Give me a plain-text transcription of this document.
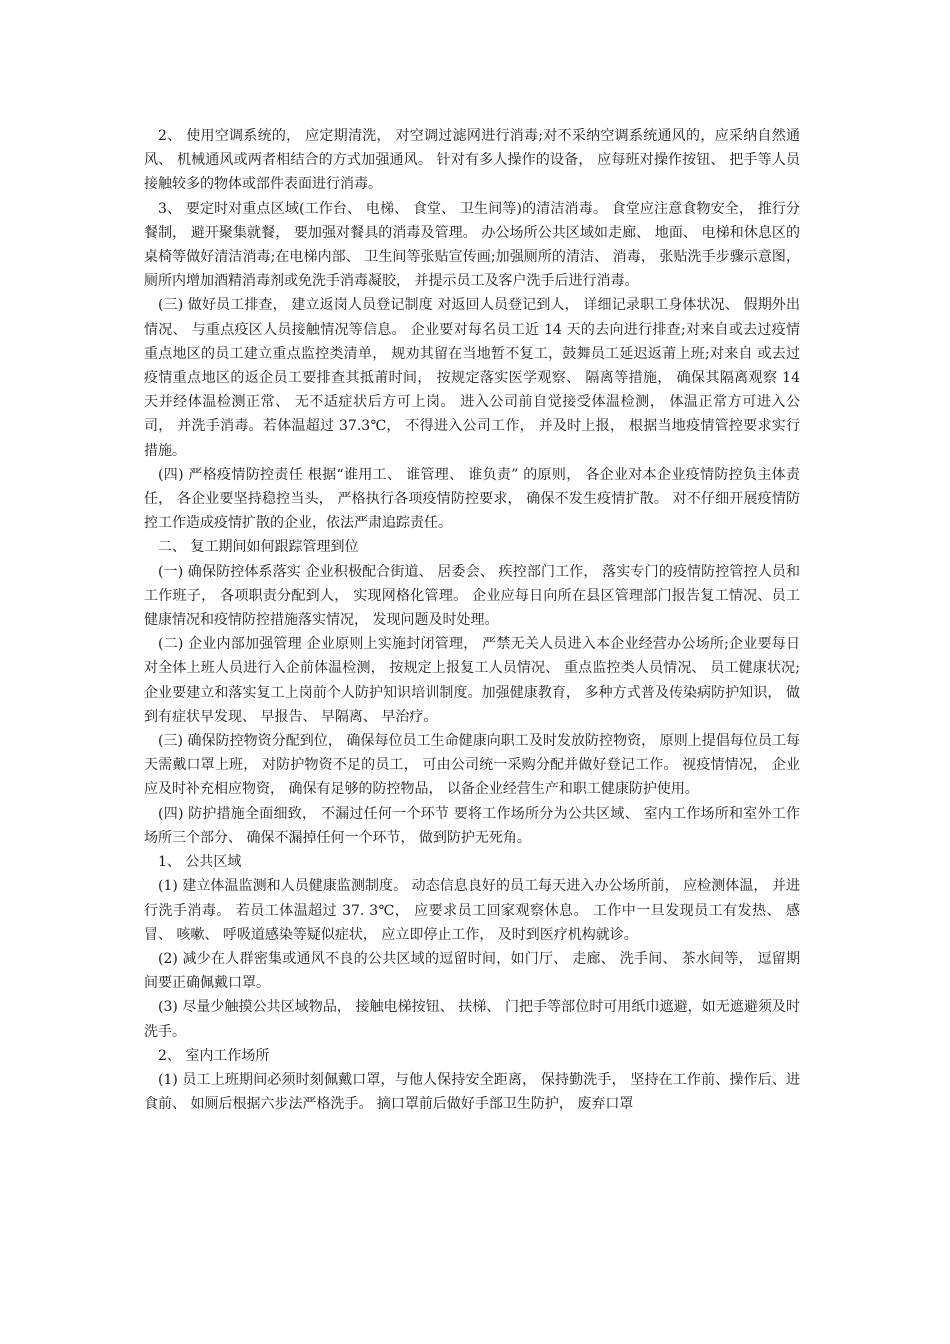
2、 使用空调系统的， 应定期清洗， 对空调过滤网进行消毒;对不采纳空调系统通风的，应采纳自然通风、 机械通风或两者相结合的方式加强通风。 针对有多人操作的设备， 应每班对操作按钮、 把手等人员接触较多的物体或部件表面进行消毒。

3、 要定时对重点区域(工作台、 电梯、 食堂、 卫生间等)的清洁消毒。 食堂应注意食物安全， 推行分餐制， 避开聚集就餐， 要加强对餐具的消毒及管理。 办公场所公共区域如走廊、 地面、 电梯和休息区的桌椅等做好清洁消毒;在电梯内部、 卫生间等张贴宣传画;加强厕所的清洁、 消毒， 张贴洗手步骤示意图， 厕所内增加酒精消毒剂或免洗手消毒凝胶， 并提示员工及客户洗手后进行消毒。

(三) 做好员工排查， 建立返岗人员登记制度 对返回人员登记到人， 详细记录职工身体状况、 假期外出情况、 与重点疫区人员接触情况等信息。 企业要对每名员工近 14 天的去向进行排查;对来自或去过疫情重点地区的员工建立重点监控类清单， 规劝其留在当地暂不复工，鼓舞员工延迟返莆上班;对来自 或去过疫情重点地区的返企员工要排查其抵莆时间， 按规定落实医学观察、 隔离等措施， 确保其隔离观察 14 天并经体温检测正常、 无不适症状后方可上岗。 进入公司前自觉接受体温检测， 体温正常方可进入公司， 并洗手消毒。若体温超过 37.3℃， 不得进入公司工作， 并及时上报， 根据当地疫情管控要求实行措施。

(四) 严格疫情防控责任 根据“谁用工、 谁管理、 谁负责” 的原则， 各企业对本企业疫情防控负主体责任， 各企业要坚持稳控当头， 严格执行各项疫情防控要求， 确保不发生疫情扩散。 对不仔细开展疫情防控工作造成疫情扩散的企业，依法严肃追踪责任。

二、 复工期间如何跟踪管理到位

(一) 确保防控体系落实 企业积极配合街道、 居委会、 疾控部门工作， 落实专门的疫情防控管控人员和工作班子， 各项职责分配到人， 实现网格化管理。 企业应每日向所在县区管理部门报告复工情况、员工健康情况和疫情防控措施落实情况， 发现问题及时处理。

(二) 企业内部加强管理 企业原则上实施封闭管理， 严禁无关人员进入本企业经营办公场所;企业要每日对全体上班人员进行入企前体温检测， 按规定上报复工人员情况、 重点监控类人员情况、 员工健康状况;企业要建立和落实复工上岗前个人防护知识培训制度。加强健康教育， 多种方式普及传染病防护知识， 做到有症状早发现、 早报告、 早隔离、 早治疗。

(三) 确保防控物资分配到位， 确保每位员工生命健康向职工及时发放防控物资， 原则上提倡每位员工每天需戴口罩上班， 对防护物资不足的员工， 可由公司统一采购分配并做好登记工作。 视疫情情况， 企业应及时补充相应物资， 确保有足够的防控物品， 以备企业经营生产和职工健康防护使用。

(四) 防护措施全面细致， 不漏过任何一个环节 要将工作场所分为公共区域、 室内工作场所和室外工作场所三个部分、 确保不漏掉任何一个环节， 做到防护无死角。

1、 公共区域

(1) 建立体温监测和人员健康监测制度。 动态信息良好的员工每天进入办公场所前， 应检测体温， 并进行洗手消毒。 若员工体温超过 37. 3℃， 应要求员工回家观察休息。 工作中一旦发现员工有发热、 感冒、 咳嗽、 呼吸道感染等疑似症状， 应立即停止工作， 及时到医疗机构就诊。

(2) 减少在人群密集或通风不良的公共区域的逗留时间，如门厅、 走廊、 洗手间、 茶水间等， 逗留期间要正确佩戴口罩。

(3) 尽量少触摸公共区域物品， 接触电梯按钮、 扶梯、 门把手等部位时可用纸巾遮避，如无遮避须及时洗手。

2、 室内工作场所

(1) 员工上班期间必须时刻佩戴口罩，与他人保持安全距离， 保持勤洗手， 坚持在工作前、操作后、进食前、 如厕后根据六步法严格洗手。 摘口罩前后做好手部卫生防护， 废弃口罩
